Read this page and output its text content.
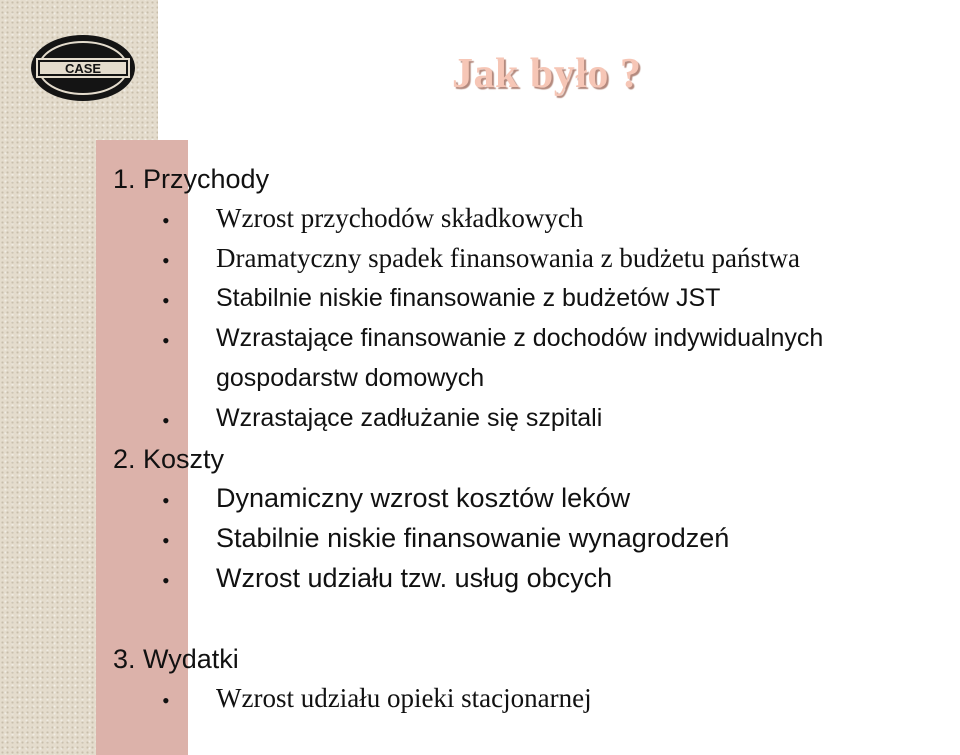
CASE	Jak było ?
1. Przychody
•	Wzrost przychodów składkowych
•	Dramatyczny spadek finansowania z budżetu państwa
•	Stabilnie niskie finansowanie z budżetów JST
•	Wzrastające finansowanie z dochodów indywidualnych
gospodarstw domowych
•	Wzrastające zadłużanie się szpitali
2. Koszty
•	Dynamiczny wzrost kosztów leków
•	Stabilnie niskie finansowanie wynagrodzeń
•	Wzrost udziału tzw. usług obcych
3. Wydatki
•	Wzrost udziału opieki stacjonarnej
